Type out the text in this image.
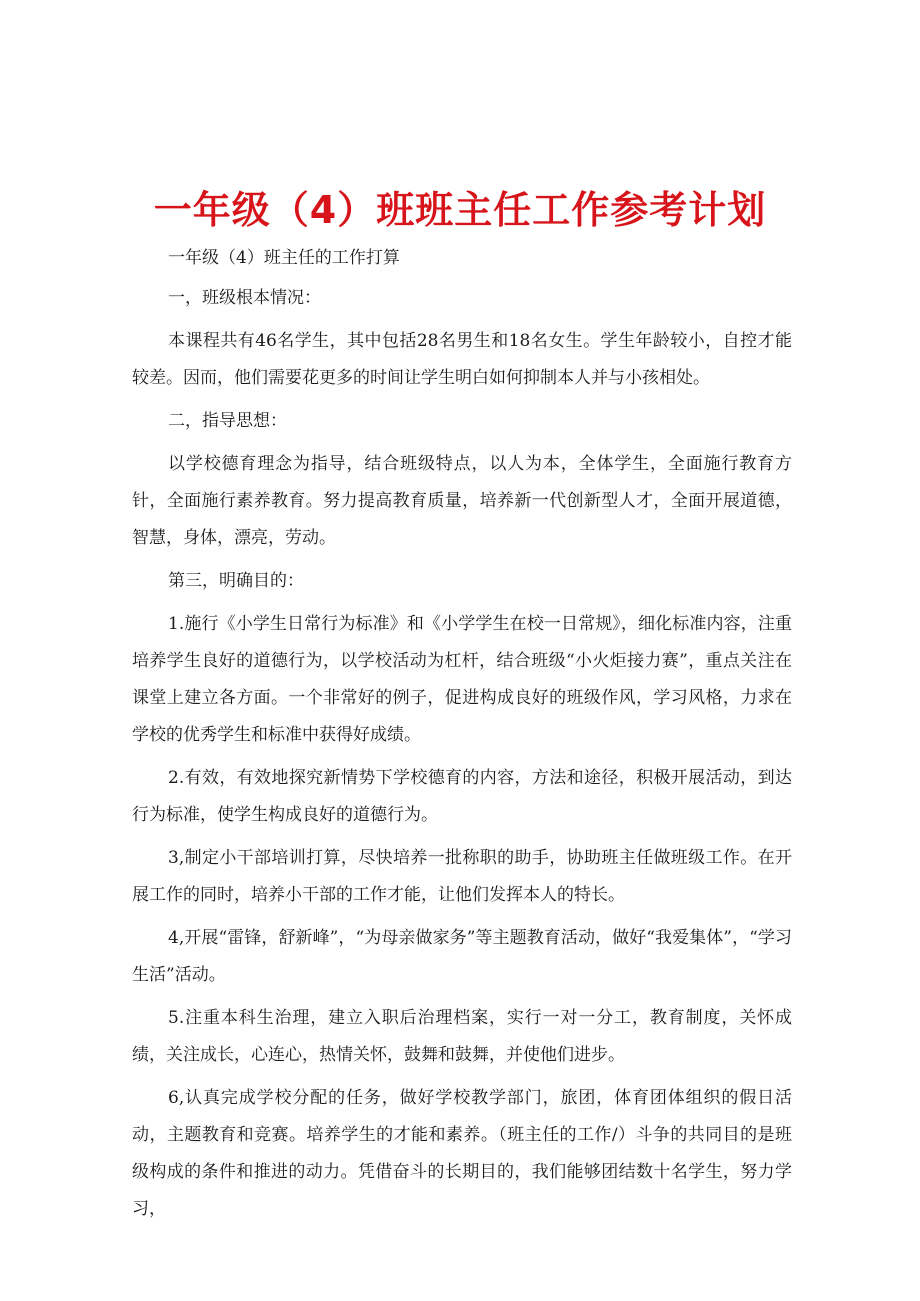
一年级（4）班班主任工作参考计划

一年级（4）班主任的工作打算

一，班级根本情况：

本课程共有46名学生，其中包括28名男生和18名女生。学生年龄较小，自控才能较差。因而，他们需要花更多的时间让学生明白如何抑制本人并与小孩相处。

二，指导思想：

以学校德育理念为指导，结合班级特点，以人为本，全体学生，全面施行教育方针，全面施行素养教育。努力提高教育质量，培养新一代创新型人才，全面开展道德，智慧，身体，漂亮，劳动。

第三，明确目的：

1.施行《小学生日常行为标准》和《小学学生在校一日常规》，细化标准内容，注重培养学生良好的道德行为，以学校活动为杠杆，结合班级“小火炬接力赛”，重点关注在课堂上建立各方面。一个非常好的例子，促进构成良好的班级作风，学习风格，力求在学校的优秀学生和标准中获得好成绩。

2.有效，有效地探究新情势下学校德育的内容，方法和途径，积极开展活动，到达行为标准，使学生构成良好的道德行为。

3,制定小干部培训打算，尽快培养一批称职的助手，协助班主任做班级工作。在开展工作的同时，培养小干部的工作才能，让他们发挥本人的特长。

4,开展“雷锋，舒新峰”，“为母亲做家务”等主题教育活动，做好“我爱集体”，“学习生活”活动。

5.注重本科生治理，建立入职后治理档案，实行一对一分工，教育制度，关怀成绩，关注成长，心连心，热情关怀，鼓舞和鼓舞，并使他们进步。

6,认真完成学校分配的任务，做好学校教学部门，旅团，体育团体组织的假日活动，主题教育和竞赛。培养学生的才能和素养。（班主任的工作/）斗争的共同目的是班级构成的条件和推进的动力。凭借奋斗的长期目的，我们能够团结数十名学生，努力学习，
